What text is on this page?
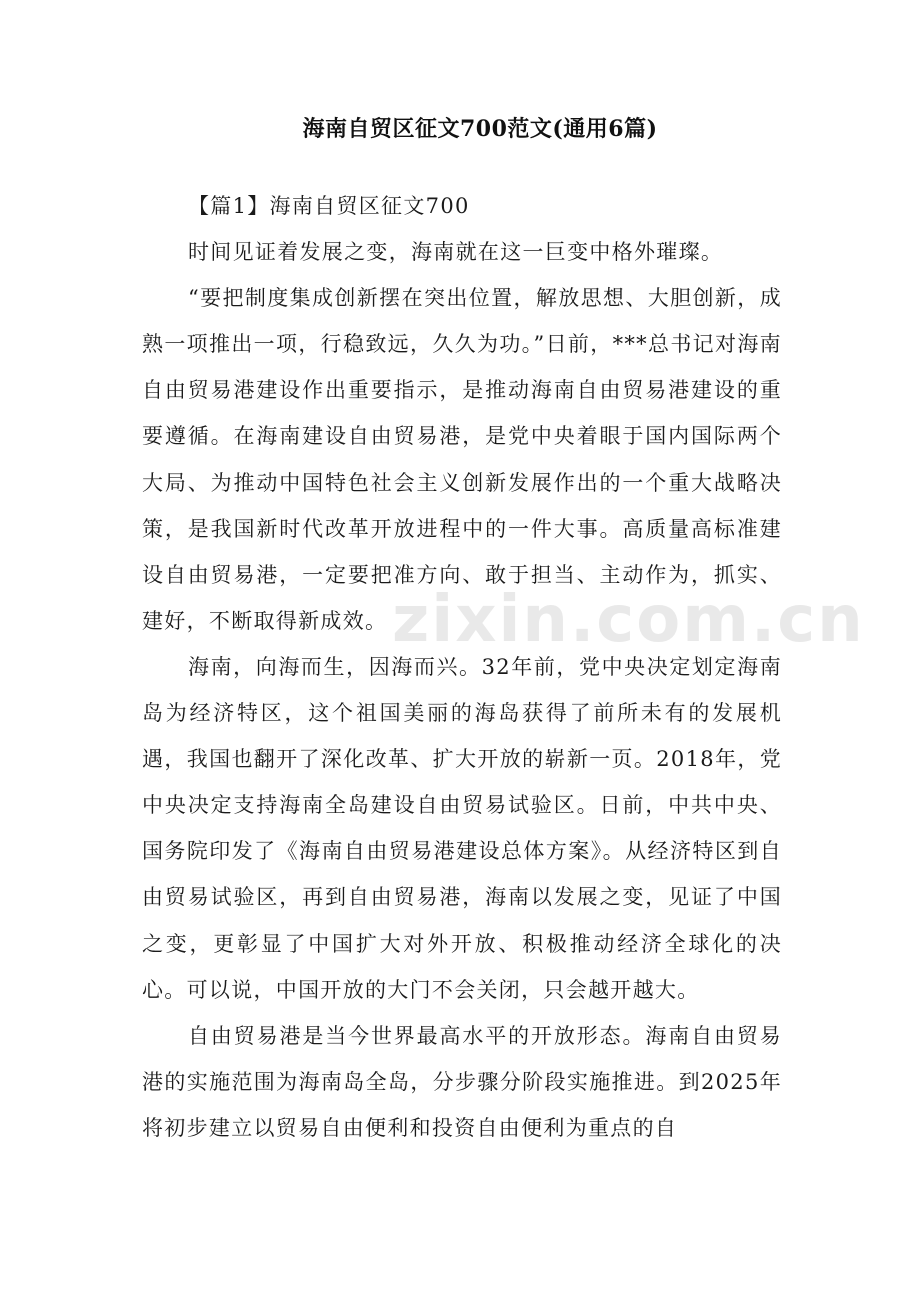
zixin.com.cn
海南自贸区征文700范文(通用6篇)

【篇1】海南自贸区征文700

时间见证着发展之变，海南就在这一巨变中格外璀璨。

“要把制度集成创新摆在突出位置，解放思想、大胆创新，成熟一项推出一项，行稳致远，久久为功。”日前，***总书记对海南自由贸易港建设作出重要指示，是推动海南自由贸易港建设的重要遵循。在海南建设自由贸易港，是党中央着眼于国内国际两个大局、为推动中国特色社会主义创新发展作出的一个重大战略决策，是我国新时代改革开放进程中的一件大事。高质量高标准建设自由贸易港，一定要把准方向、敢于担当、主动作为，抓实、建好，不断取得新成效。

海南，向海而生，因海而兴。32年前，党中央决定划定海南岛为经济特区，这个祖国美丽的海岛获得了前所未有的发展机遇，我国也翻开了深化改革、扩大开放的崭新一页。2018年，党中央决定支持海南全岛建设自由贸易试验区。日前，中共中央、国务院印发了《海南自由贸易港建设总体方案》。从经济特区到自由贸易试验区，再到自由贸易港，海南以发展之变，见证了中国之变，更彰显了中国扩大对外开放、积极推动经济全球化的决心。可以说，中国开放的大门不会关闭，只会越开越大。

自由贸易港是当今世界最高水平的开放形态。海南自由贸易港的实施范围为海南岛全岛，分步骤分阶段实施推进。到2025年将初步建立以贸易自由便利和投资自由便利为重点的自
